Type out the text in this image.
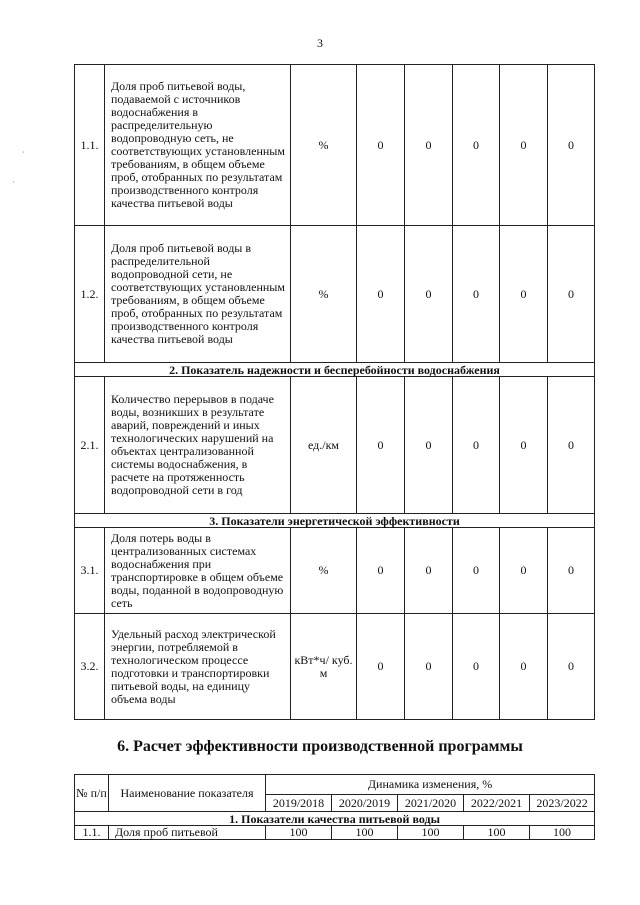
3
·
·
1.1.	Доля проб питьевой воды, подаваемой с источников водоснабжения в распределительную водопроводную сеть, не соответствующих установленным требованиям, в общем объеме проб, отобранных по результатам производственного контроля качества питьевой воды	%	0	0	0	0	0
1.2.	Доля проб питьевой воды в распределительной водопроводной сети, не соответствующих установленным требованиям, в общем объеме проб, отобранных по результатам производственного контроля качества питьевой воды	%	0	0	0	0	0
2. Показатель надежности и бесперебойности водоснабжения							
2.1.	Количество перерывов в подаче воды, возникших в результате аварий, повреждений и иных технологических нарушений на объектах централизованной системы водоснабжения, в расчете на протяженность водопроводной сети в год	ед./км	0	0	0	0	0
3. Показатели энергетической эффективности							
3.1.	Доля потерь воды в централизованных системах водоснабжения при транспортировке в общем объеме воды, поданной в водопроводную сеть	%	0	0	0	0	0
3.2.	Удельный расход электрической энергии, потребляемой в технологическом процессе подготовки и транспортировки питьевой воды, на единицу объема воды	кВт*ч/ куб. м	0	0	0	0	0
6. Расчет эффективности производственной программы
№ п/п	Наименование показателя	Динамика изменения, %				
		2019/2018	2020/2019	2021/2020	2022/2021	2023/2022
1. Показатели качества питьевой воды						
1.1.	Доля проб питьевой	100	100	100	100	100
